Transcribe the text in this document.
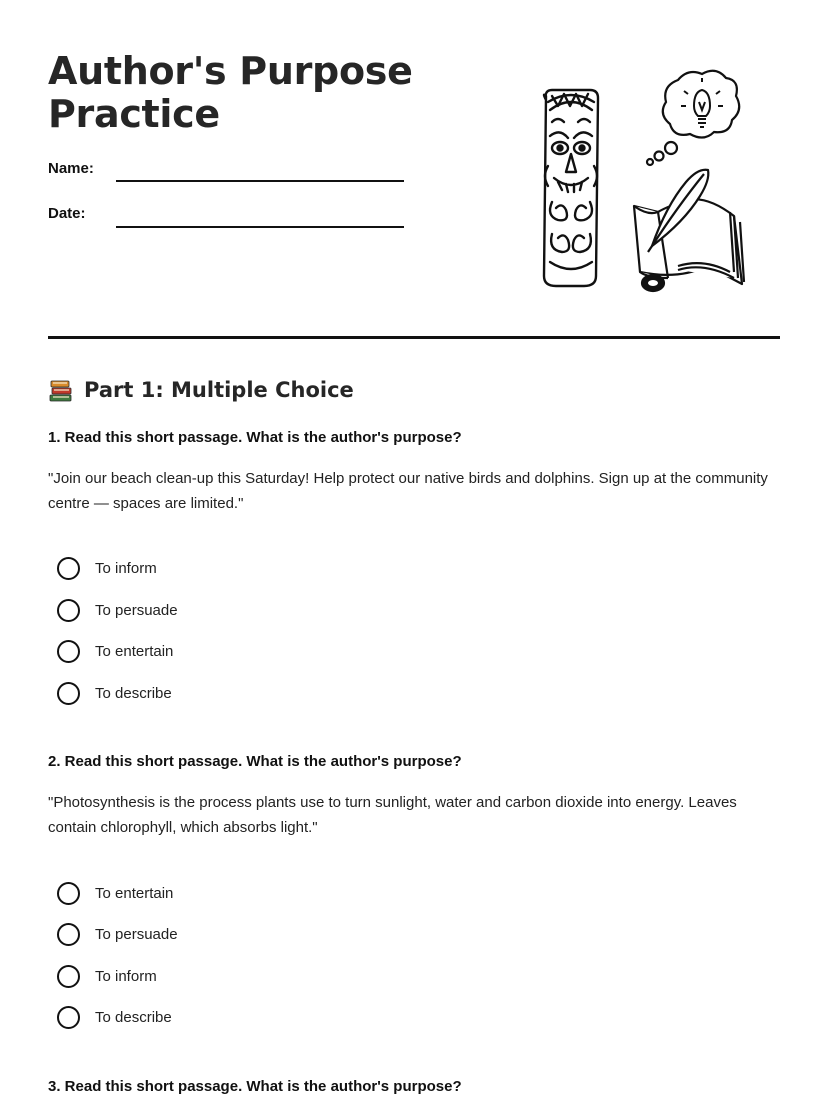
Author's Purpose Practice
Name:
Date:
Part 1: Multiple Choice
1. Read this short passage. What is the author's purpose?
"Join our beach clean-up this Saturday! Help protect our native birds and dolphins. Sign up at the community centre — spaces are limited."
To inform
To persuade
To entertain
To describe
2. Read this short passage. What is the author's purpose?
"Photosynthesis is the process plants use to turn sunlight, water and carbon dioxide into energy. Leaves contain chlorophyll, which absorbs light."
To entertain
To persuade
To inform
To describe
3. Read this short passage. What is the author's purpose?
